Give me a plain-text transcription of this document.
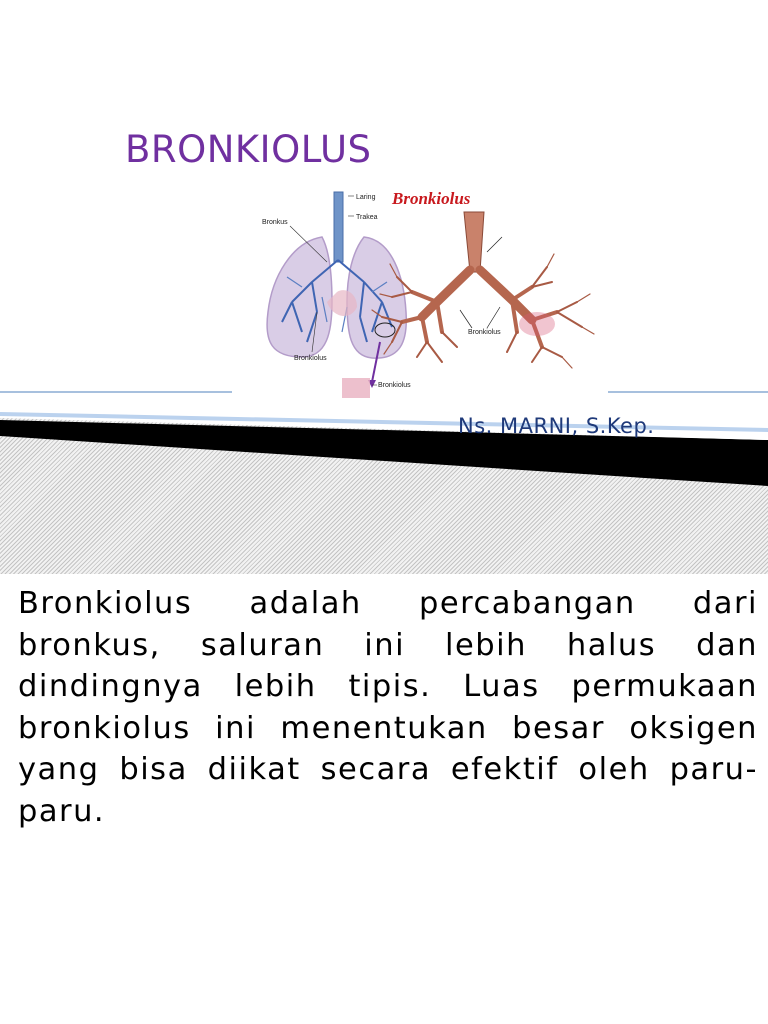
BRONKIOLUS
Laring
Trakea
Bronkus
Bronkiolus
Bronkiolus
Bronkiolus
Bronkiolus
Ns. MARNI, S.Kep.
Bronkiolus adalah percabangan dari bronkus, saluran ini lebih halus dan dindingnya lebih tipis. Luas permukaan bronkiolus ini menentukan besar oksigen yang bisa diikat secara efektif oleh paru-paru.
